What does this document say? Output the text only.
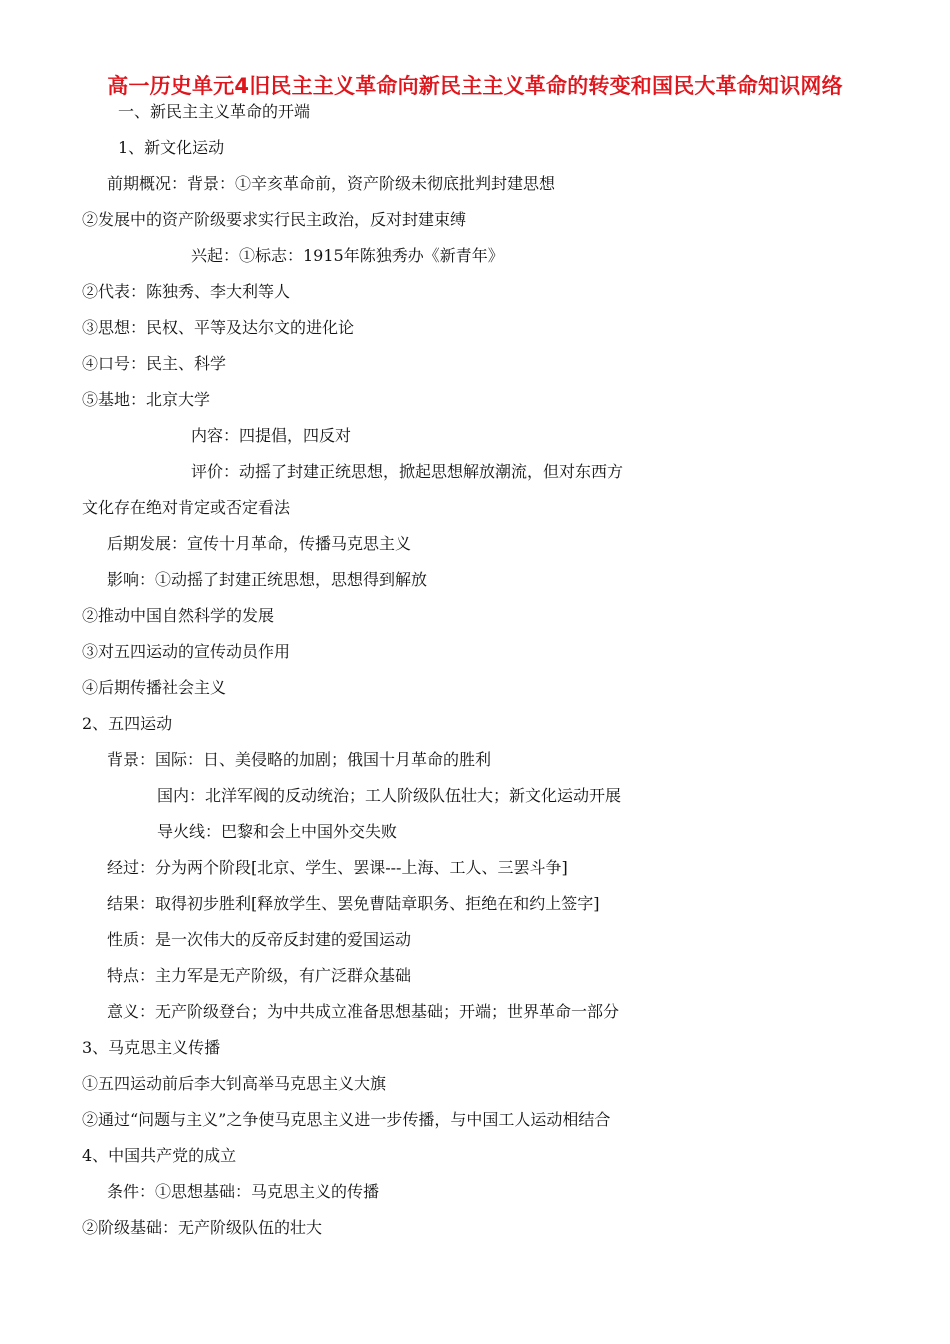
高一历史单元4旧民主主义革命向新民主主义革命的转变和国民大革命知识网络
一、新民主主义革命的开端
1、新文化运动
前期概况：背景：①辛亥革命前，资产阶级未彻底批判封建思想
②发展中的资产阶级要求实行民主政治，反对封建束缚
兴起：①标志：1915年陈独秀办《新青年》
②代表：陈独秀、李大利等人
③思想：民权、平等及达尔文的进化论
④口号：民主、科学
⑤基地：北京大学
内容：四提倡，四反对
评价：动摇了封建正统思想，掀起思想解放潮流，但对东西方
文化存在绝对肯定或否定看法
后期发展：宣传十月革命，传播马克思主义
影响：①动摇了封建正统思想，思想得到解放
②推动中国自然科学的发展
③对五四运动的宣传动员作用
④后期传播社会主义
2、五四运动
背景：国际：日、美侵略的加剧；俄国十月革命的胜利
国内：北洋军阀的反动统治；工人阶级队伍壮大；新文化运动开展
导火线：巴黎和会上中国外交失败
经过：分为两个阶段[北京、学生、罢课---上海、工人、三罢斗争]
结果：取得初步胜利[释放学生、罢免曹陆章职务、拒绝在和约上签字]
性质：是一次伟大的反帝反封建的爱国运动
特点：主力军是无产阶级，有广泛群众基础
意义：无产阶级登台；为中共成立准备思想基础；开端；世界革命一部分
3、马克思主义传播
①五四运动前后李大钊高举马克思主义大旗
②通过“问题与主义”之争使马克思主义进一步传播，与中国工人运动相结合
4、中国共产党的成立
条件：①思想基础：马克思主义的传播
②阶级基础：无产阶级队伍的壮大
